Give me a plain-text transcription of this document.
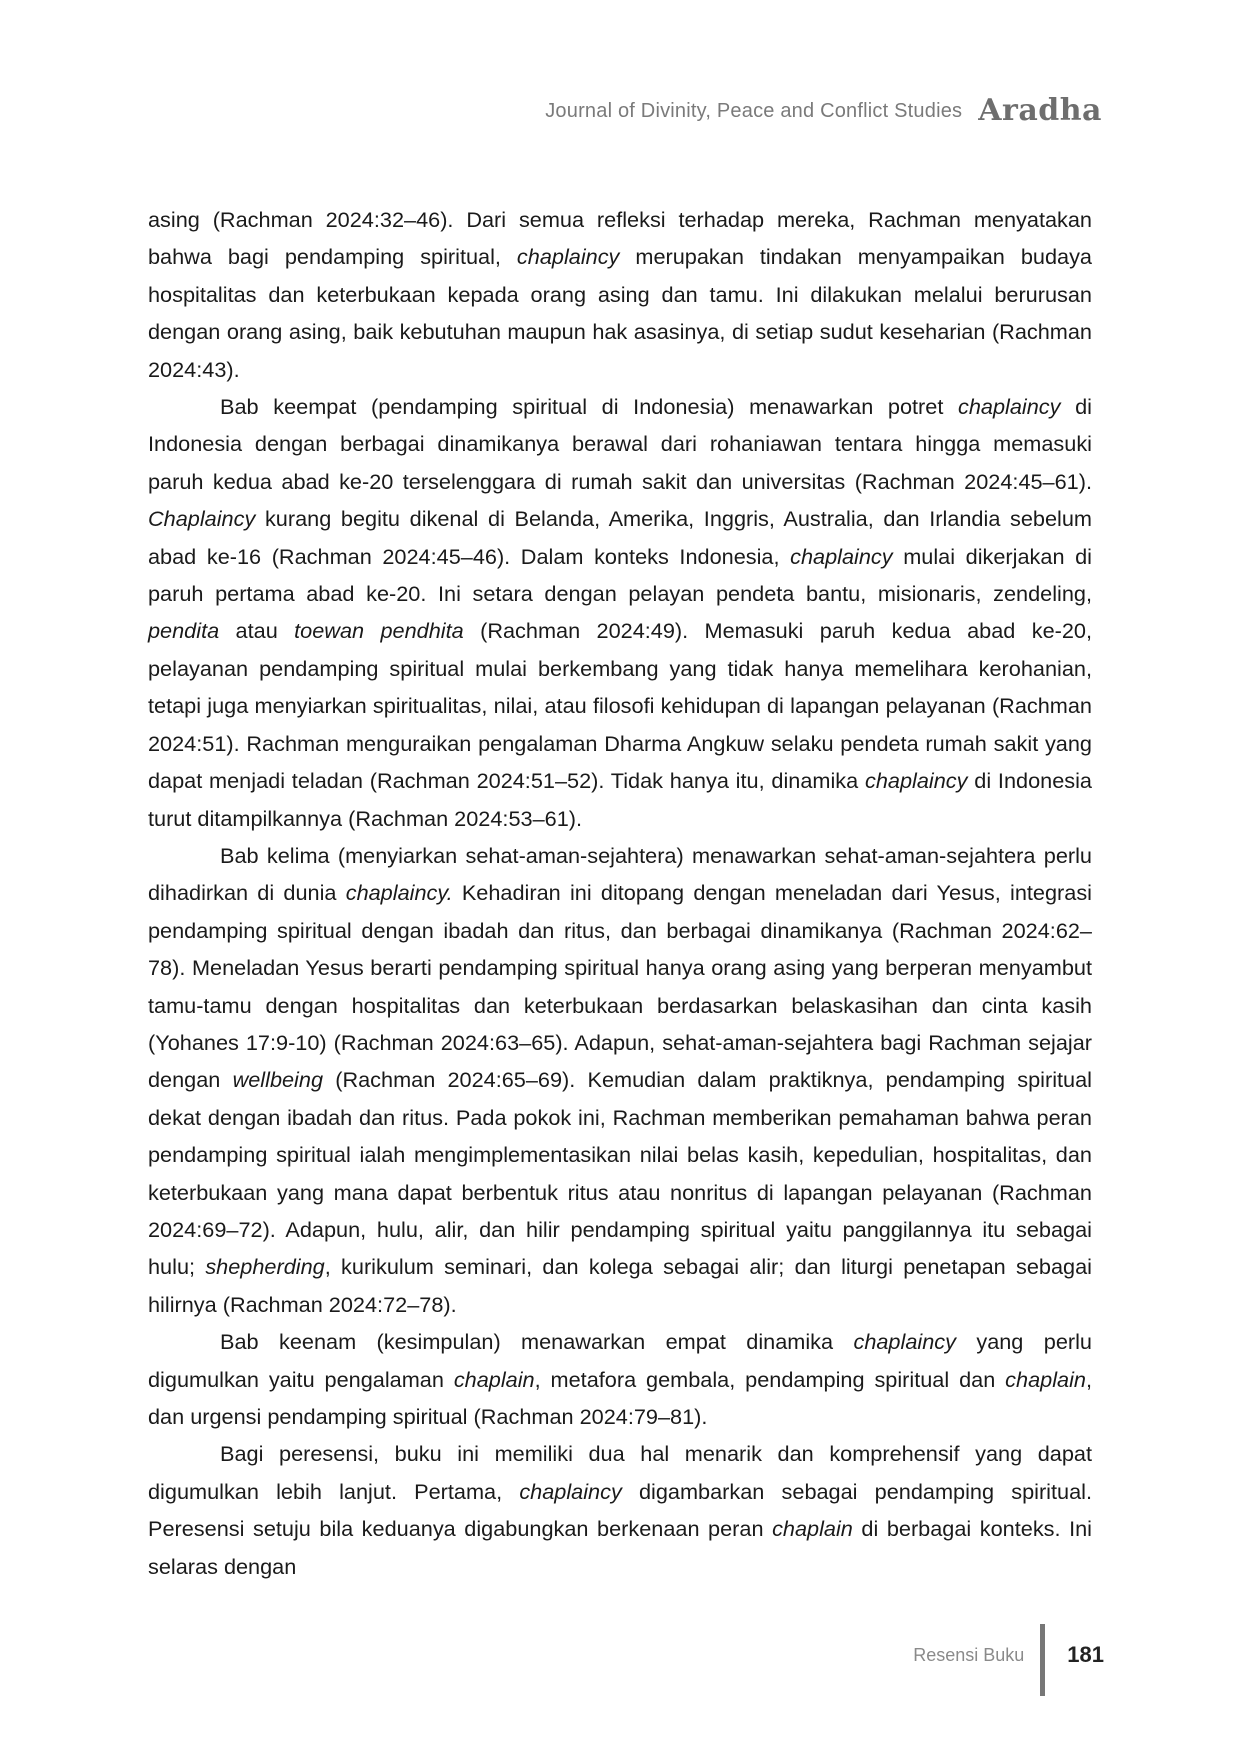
Journal of Divinity, Peace and Conflict Studies Aradha

asing (Rachman 2024:32–46). Dari semua refleksi terhadap mereka, Rachman menyatakan bahwa bagi pendamping spiritual, chaplaincy merupakan tindakan menyampaikan budaya hospitalitas dan keterbukaan kepada orang asing dan tamu. Ini dilakukan melalui berurusan dengan orang asing, baik kebutuhan maupun hak asasinya, di setiap sudut keseharian (Rachman 2024:43).

Bab keempat (pendamping spiritual di Indonesia) menawarkan potret chaplaincy di Indonesia dengan berbagai dinamikanya berawal dari rohaniawan tentara hingga memasuki paruh kedua abad ke-20 terselenggara di rumah sakit dan universitas (Rachman 2024:45–61). Chaplaincy kurang begitu dikenal di Belanda, Amerika, Inggris, Australia, dan Irlandia sebelum abad ke-16 (Rachman 2024:45–46). Dalam konteks Indonesia, chaplaincy mulai dikerjakan di paruh pertama abad ke-20. Ini setara dengan pelayan pendeta bantu, misionaris, zendeling, pendita atau toewan pendhita (Rachman 2024:49). Memasuki paruh kedua abad ke-20, pelayanan pendamping spiritual mulai berkembang yang tidak hanya memelihara kerohanian, tetapi juga menyiarkan spiritualitas, nilai, atau filosofi kehidupan di lapangan pelayanan (Rachman 2024:51). Rachman menguraikan pengalaman Dharma Angkuw selaku pendeta rumah sakit yang dapat menjadi teladan (Rachman 2024:51–52). Tidak hanya itu, dinamika chaplaincy di Indonesia turut ditampilkannya (Rachman 2024:53–61).

Bab kelima (menyiarkan sehat-aman-sejahtera) menawarkan sehat-aman-sejahtera perlu dihadirkan di dunia chaplaincy. Kehadiran ini ditopang dengan meneladan dari Yesus, integrasi pendamping spiritual dengan ibadah dan ritus, dan berbagai dinamikanya (Rachman 2024:62–78). Meneladan Yesus berarti pendamping spiritual hanya orang asing yang berperan menyambut tamu-tamu dengan hospitalitas dan keterbukaan berdasarkan belaskasihan dan cinta kasih (Yohanes 17:9-10) (Rachman 2024:63–65). Adapun, sehat-aman-sejahtera bagi Rachman sejajar dengan wellbeing (Rachman 2024:65–69). Kemudian dalam praktiknya, pendamping spiritual dekat dengan ibadah dan ritus. Pada pokok ini, Rachman memberikan pemahaman bahwa peran pendamping spiritual ialah mengimplementasikan nilai belas kasih, kepedulian, hospitalitas, dan keterbukaan yang mana dapat berbentuk ritus atau nonritus di lapangan pelayanan (Rachman 2024:69–72). Adapun, hulu, alir, dan hilir pendamping spiritual yaitu panggilannya itu sebagai hulu; shepherding, kurikulum seminari, dan kolega sebagai alir; dan liturgi penetapan sebagai hilirnya (Rachman 2024:72–78).

Bab keenam (kesimpulan) menawarkan empat dinamika chaplaincy yang perlu digumulkan yaitu pengalaman chaplain, metafora gembala, pendamping spiritual dan chaplain, dan urgensi pendamping spiritual (Rachman 2024:79–81).

Bagi peresensi, buku ini memiliki dua hal menarik dan komprehensif yang dapat digumulkan lebih lanjut. Pertama, chaplaincy digambarkan sebagai pendamping spiritual. Peresensi setuju bila keduanya digabungkan berkenaan peran chaplain di berbagai konteks. Ini selaras dengan

Resensi Buku 181
